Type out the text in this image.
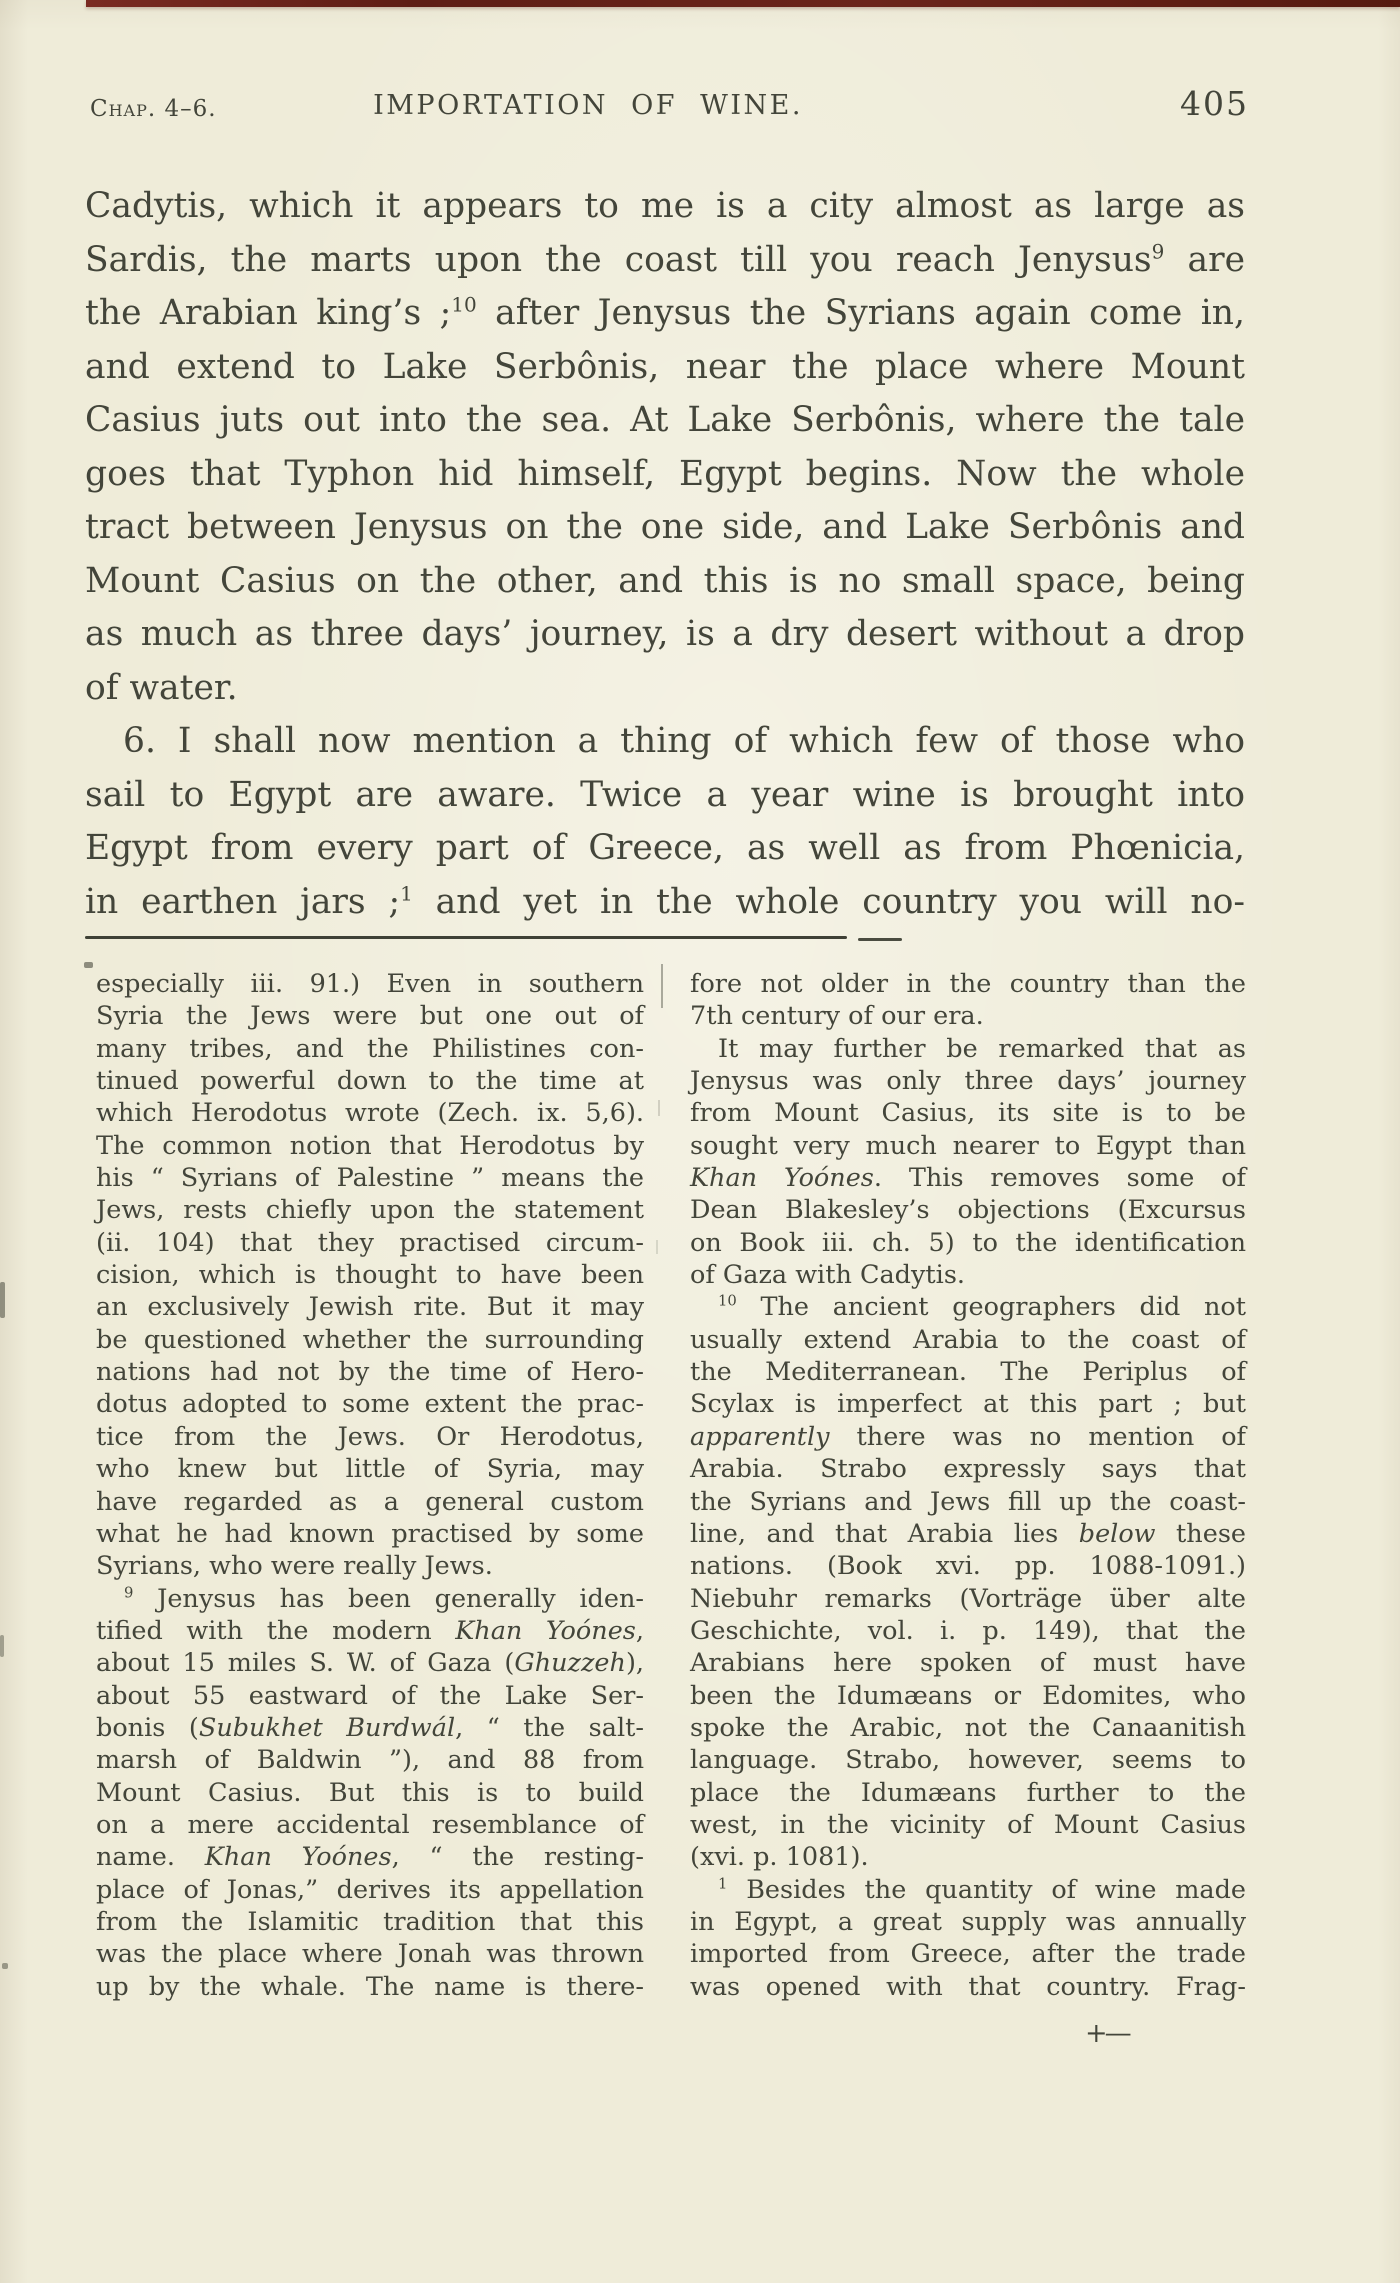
Chap. 4–6.	IMPORTATION OF WINE.	405
Cadytis, which it appears to me is a city almost as large as
Sardis, the marts upon the coast till you reach Jenysus$^9$ are
the Arabian king’s ;$^{10}$ after Jenysus the Syrians again come in,
and extend to Lake Serbônis, near the place where Mount
Casius juts out into the sea. At Lake Serbônis, where the tale
goes that Typhon hid himself, Egypt begins. Now the whole
tract between Jenysus on the one side, and Lake Serbônis and
Mount Casius on the other, and this is no small space, being
as much as three days’ journey, is a dry desert without a drop
of water.
6. I shall now mention a thing of which few of those who
sail to Egypt are aware. Twice a year wine is brought into
Egypt from every part of Greece, as well as from Phœnicia,
in earthen jars ;$^1$ and yet in the whole country you will no-
especially iii. 91.) Even in southern
Syria the Jews were but one out of
many tribes, and the Philistines con-
tinued powerful down to the time at
which Herodotus wrote (Zech. ix. 5,6).
The common notion that Herodotus by
his “ Syrians of Palestine ” means the
Jews, rests chiefly upon the statement
(ii. 104) that they practised circum-
cision, which is thought to have been
an exclusively Jewish rite. But it may
be questioned whether the surrounding
nations had not by the time of Hero-
dotus adopted to some extent the prac-
tice from the Jews. Or Herodotus,
who knew but little of Syria, may
have regarded as a general custom
what he had known practised by some
Syrians, who were really Jews.
$^9$ Jenysus has been generally iden-
tified with the modern Khan Yoónes,
about 15 miles S. W. of Gaza (Ghuzzeh),
about 55 eastward of the Lake Ser-
bonis (Subukhet Burdwál, “ the salt-
marsh of Baldwin ”), and 88 from
Mount Casius. But this is to build
on a mere accidental resemblance of
name. Khan Yoónes, “ the resting-
place of Jonas,” derives its appellation
from the Islamitic tradition that this
was the place where Jonah was thrown
up by the whale. The name is there-
fore not older in the country than the
7th century of our era.
It may further be remarked that as
Jenysus was only three days’ journey
from Mount Casius, its site is to be
sought very much nearer to Egypt than
Khan Yoónes. This removes some of
Dean Blakesley’s objections (Excursus
on Book iii. ch. 5) to the identification
of Gaza with Cadytis.
$^{10}$ The ancient geographers did not
usually extend Arabia to the coast of
the Mediterranean. The Periplus of
Scylax is imperfect at this part ; but
apparently there was no mention of
Arabia. Strabo expressly says that
the Syrians and Jews fill up the coast-
line, and that Arabia lies below these
nations. (Book xvi. pp. 1088-1091.)
Niebuhr remarks (Vorträge über alte
Geschichte, vol. i. p. 149), that the
Arabians here spoken of must have
been the Idumæans or Edomites, who
spoke the Arabic, not the Canaanitish
language. Strabo, however, seems to
place the Idumæans further to the
west, in the vicinity of Mount Casius
(xvi. p. 1081).
$^1$ Besides the quantity of wine made
in Egypt, a great supply was annually
imported from Greece, after the trade
was opened with that country. Frag-
+—
